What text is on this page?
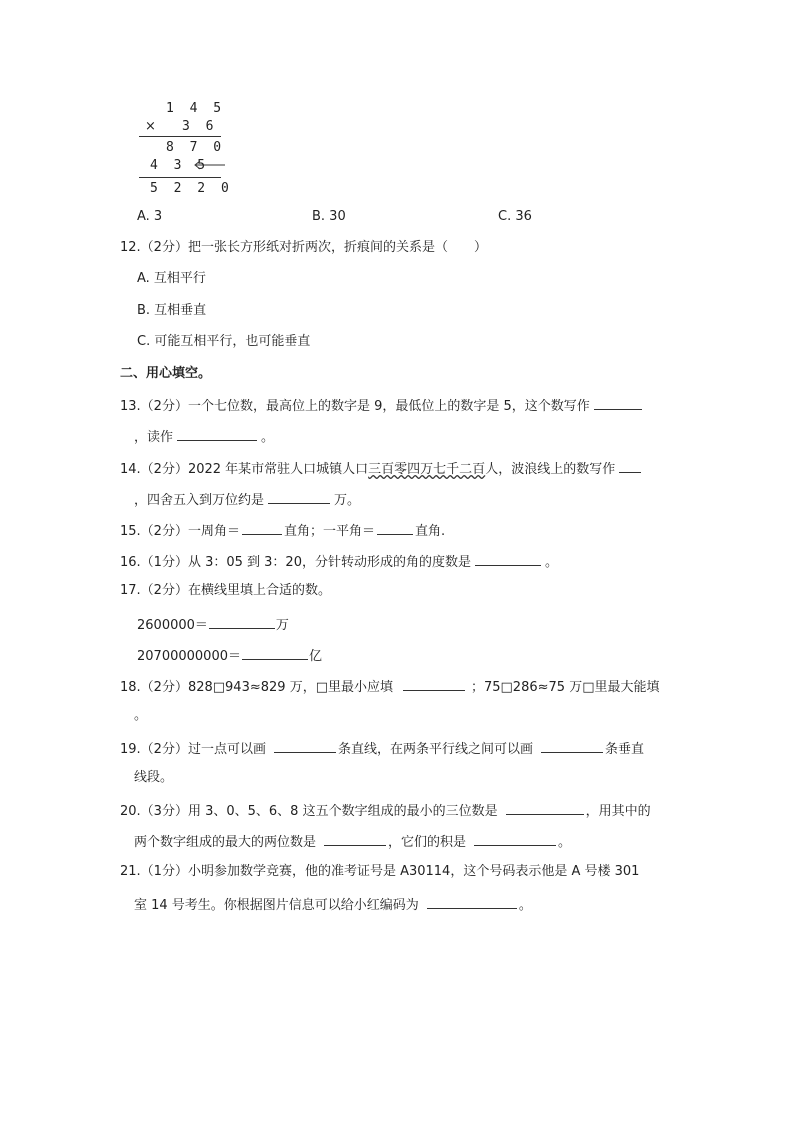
1 4 5
× 3 6
8 7 0
4 3 5
5 2 2 0
A. 3	B. 30	C. 36
12.（2分）把一张长方形纸对折两次，折痕间的关系是（　　）
A. 互相平行
B. 互相垂直
C. 可能互相平行，也可能垂直
二、用心填空。
13.（2分）一个七位数，最高位上的数字是 9，最低位上的数字是 5，这个数写作
，读作	。
14.（2分）2022 年某市常驻人口城镇人口三百零四万七千二百人，波浪线上的数写作
，四舍五入到万位约是	万。
15.（2分）一周角＝	直角；一平角＝	直角.
16.（1分）从 3：05 到 3：20，分针转动形成的角的度数是	。
17.（2分）在横线里填上合适的数。
2600000＝	万
20700000000＝	亿
18.（2分）828□943≈829 万，□里最小应填	；75□286≈75 万□里最大能填
。
19.（2分）过一点可以画	条直线，在两条平行线之间可以画	条垂直
线段。
20.（3分）用 3、0、5、6、8 这五个数字组成的最小的三位数是	，用其中的
两个数字组成的最大的两位数是	，它们的积是	。
21.（1分）小明参加数学竞赛，他的准考证号是 A30114，这个号码表示他是 A 号楼 301
室 14 号考生。你根据图片信息可以给小红编码为	。
